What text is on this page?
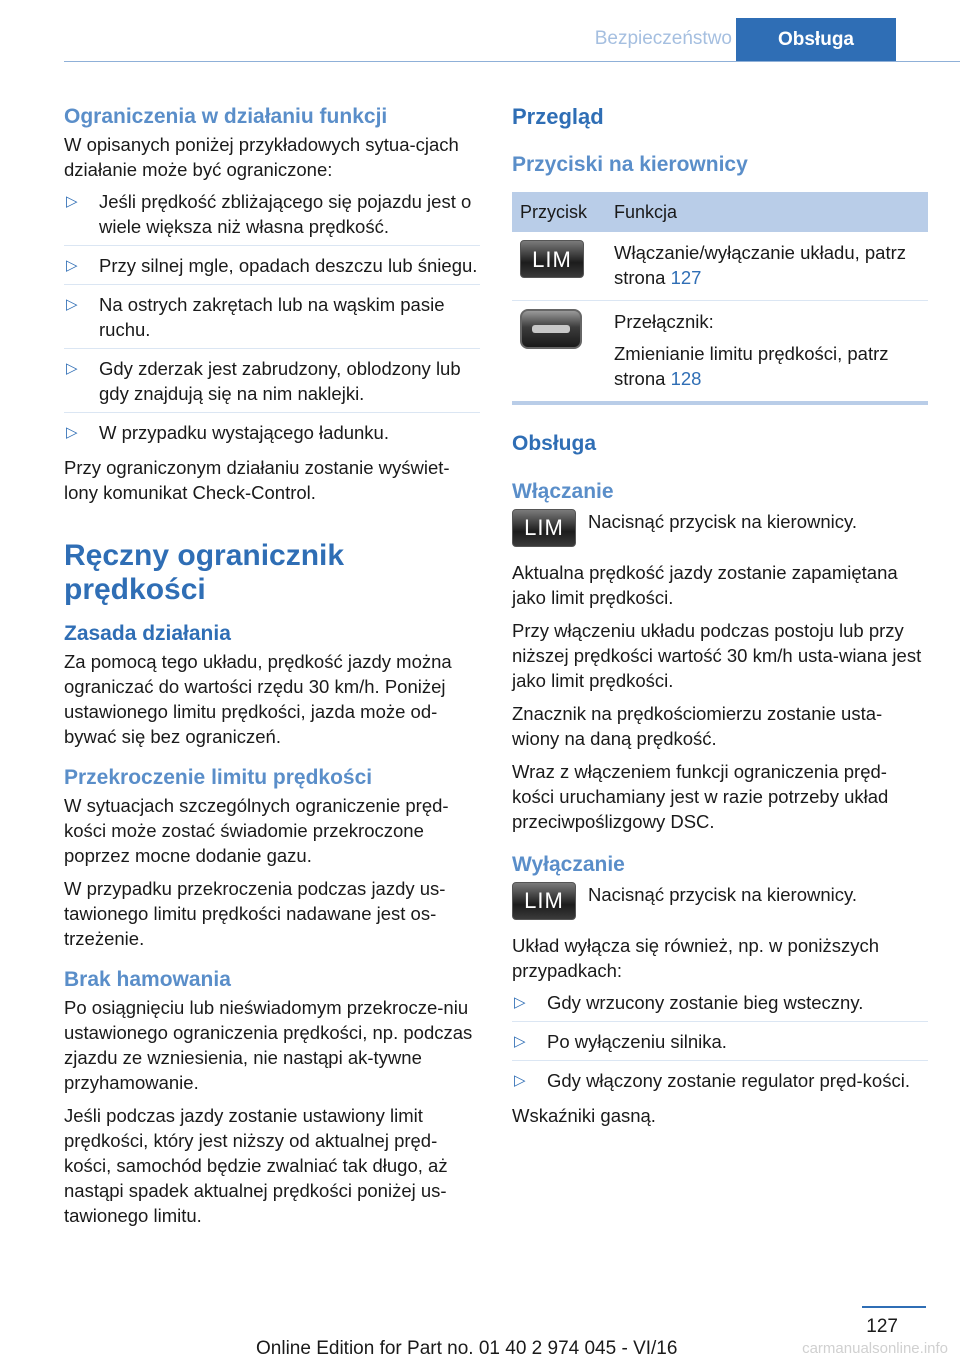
Bezpieczeństwo	Obsługa
Ograniczenia w działaniu funkcji

W opisanych poniżej przykładowych sytua-cjach działanie może być ograniczone:

▷ Jeśli prędkość zbliżającego się pojazdu jest o wiele większa niż własna prędkość.
▷ Przy silnej mgle, opadach deszczu lub śniegu.
▷ Na ostrych zakrętach lub na wąskim pasie ruchu.
▷ Gdy zderzak jest zabrudzony, oblodzony lub gdy znajdują się na nim naklejki.
▷ W przypadku wystającego ładunku.

Przy ograniczonym działaniu zostanie wyświet-lony komunikat Check-Control.

Ręczny ogranicznik prędkości
Zasada działania

Za pomocą tego układu, prędkość jazdy można ograniczać do wartości rzędu 30 km/h. Poniżej ustawionego limitu prędkości, jazda może od-bywać się bez ograniczeń.

Przekroczenie limitu prędkości

W sytuacjach szczególnych ograniczenie pręd-kości może zostać świadomie przekroczone poprzez mocne dodanie gazu.

W przypadku przekroczenia podczas jazdy us-tawionego limitu prędkości nadawane jest os-trzeżenie.

Brak hamowania

Po osiągnięciu lub nieświadomym przekrocze-niu ustawionego ograniczenia prędkości, np. podczas zjazdu ze wzniesienia, nie nastąpi ak-tywne przyhamowanie.

Jeśli podczas jazdy zostanie ustawiony limit prędkości, który jest niższy od aktualnej pręd-kości, samochód będzie zwalniać tak długo, aż nastąpi spadek aktualnej prędkości poniżej us-tawionego limitu.

Przegląd
Przyciski na kierownicy
Przycisk	Funkcja

LIM	Włączanie/wyłączanie układu, patrz strona 127

	Przełącznik:
Zmienianie limitu prędkości, patrz strona 128
Obsługa
Włączanie
LIM	Nacisnąć przycisk na kierownicy.

Aktualna prędkość jazdy zostanie zapamiętana jako limit prędkości.

Przy włączeniu układu podczas postoju lub przy niższej prędkości wartość 30 km/h usta-wiana jest jako limit prędkości.

Znacznik na prędkościomierzu zostanie usta-wiony na daną prędkość.

Wraz z włączeniem funkcji ograniczenia pręd-kości uruchamiany jest w razie potrzeby układ przeciwpoślizgowy DSC.

Wyłączanie
LIM	Nacisnąć przycisk na kierownicy.

Układ wyłącza się również, np. w poniższych przypadkach:

▷ Gdy wrzucony zostanie bieg wsteczny.
▷ Po wyłączeniu silnika.
▷ Gdy włączony zostanie regulator pręd-kości.

Wskaźniki gasną.

127
Online Edition for Part no. 01 40 2 974 045 - VI/16	carmanualsonline.info
